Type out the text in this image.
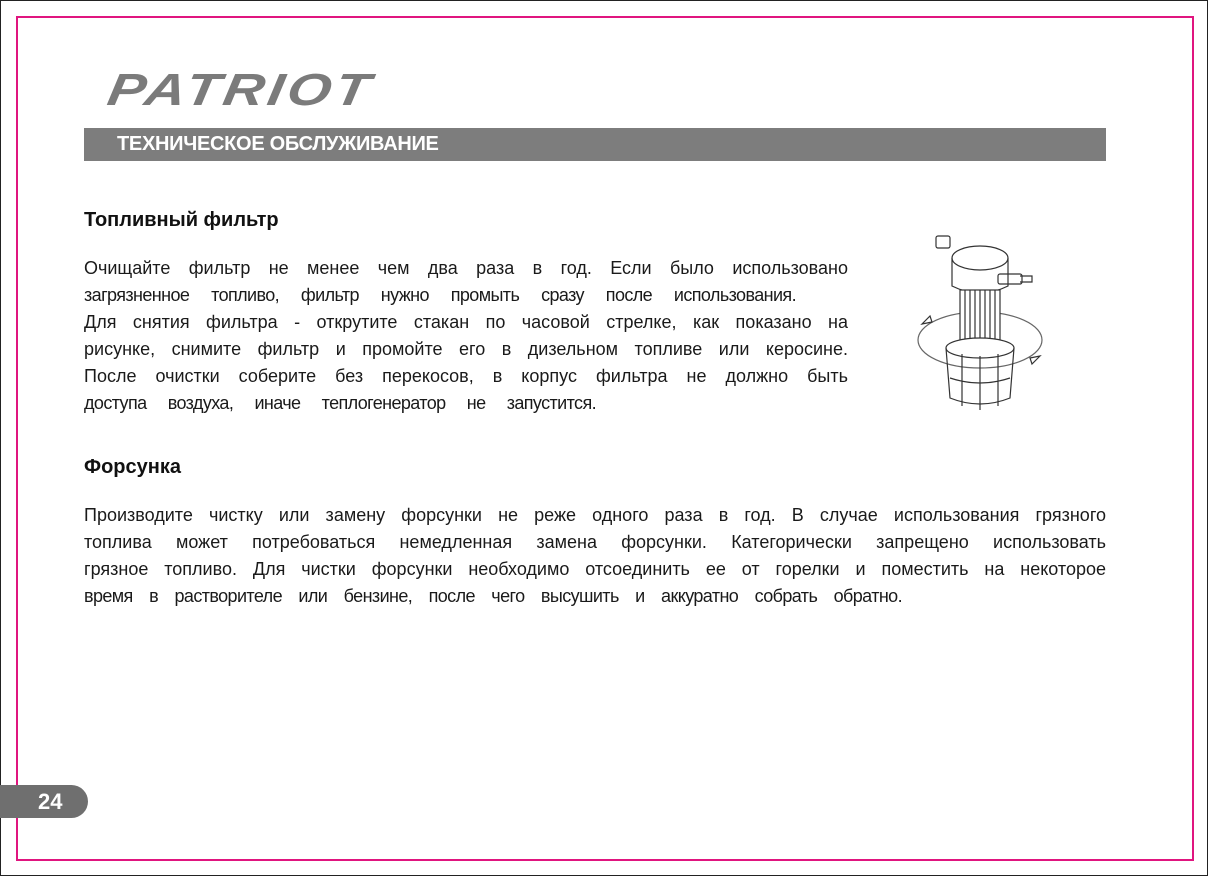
PATRIOT
ТЕХНИЧЕСКОЕ ОБСЛУЖИВАНИЕ
Топливный фильтр
Очищайте фильтр не менее чем два раза в год. Если было использовано
загрязненное топливо, фильтр нужно промыть сразу после использования.
Для снятия фильтра - открутите стакан по часовой стрелке, как показано на
рисунке, снимите фильтр и промойте его в дизельном топливе или керосине.
После очистки соберите без перекосов, в корпус фильтра не должно быть
доступа воздуха, иначе теплогенератор не запустится.
Форсунка
Производите чистку или замену форсунки не реже одного раза в год. В случае использования грязного
топлива может потребоваться немедленная замена форсунки. Категорически запрещено использовать
грязное топливо. Для чистки форсунки необходимо отсоединить ее от горелки и поместить на некоторое
время в растворителе или бензине, после чего высушить и аккуратно собрать обратно.
24
